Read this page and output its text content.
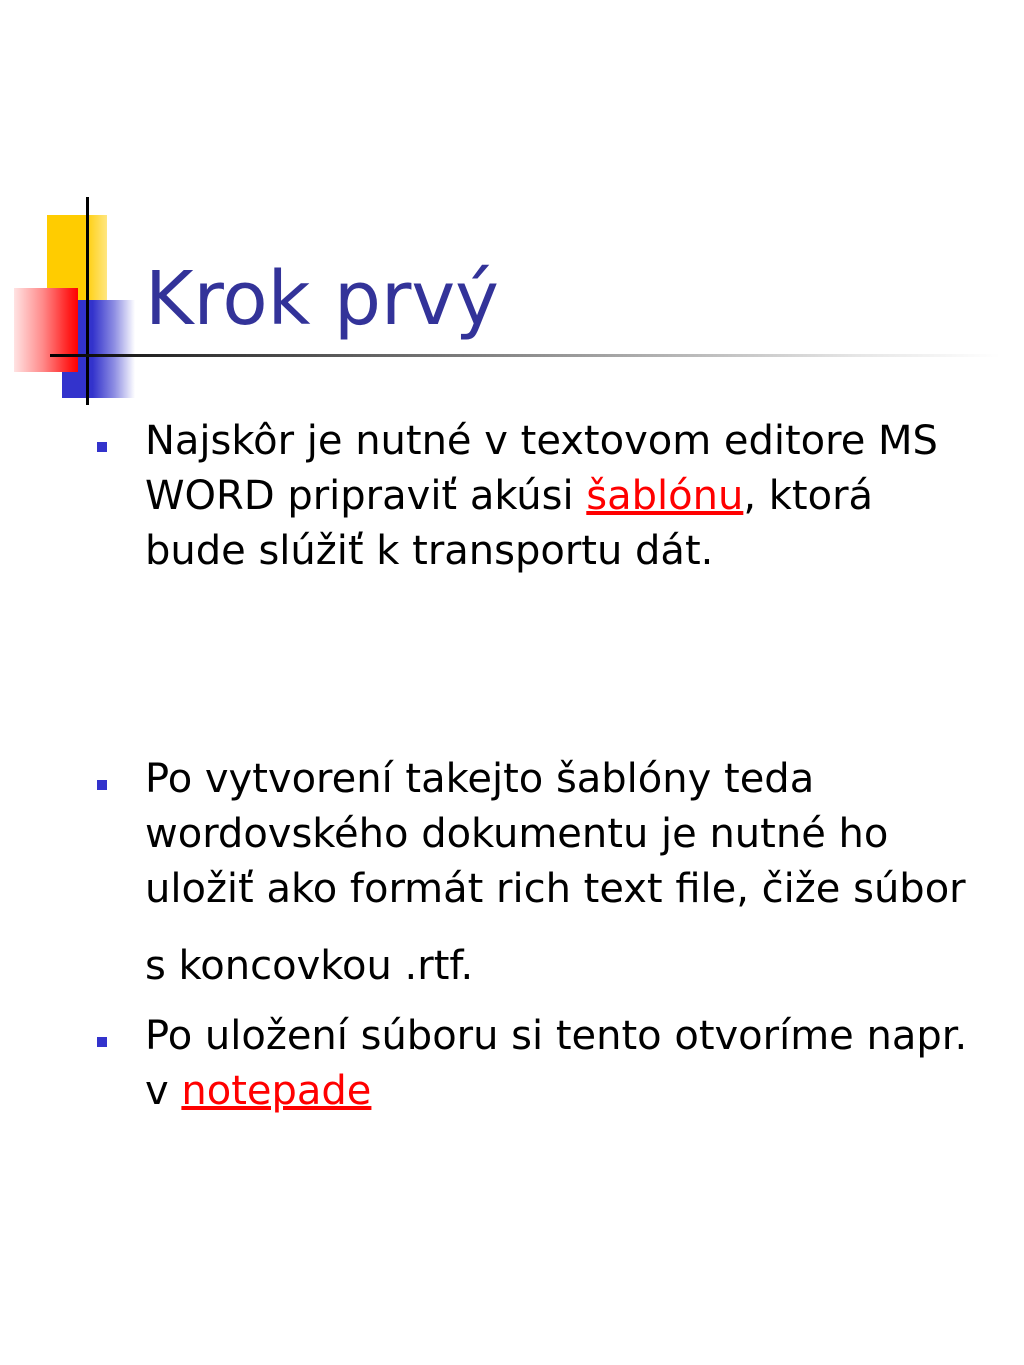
Krok prvý
Najskôr je nutné v textovom editore MS
WORD pripraviť akúsi šablónu, ktorá
bude slúžiť k transportu dát.
Po vytvorení takejto šablóny teda
wordovského dokumentu je nutné ho
uložiť ako formát rich text file, čiže súbor
s koncovkou .rtf.
Po uložení súboru si tento otvoríme napr.
v notepade
